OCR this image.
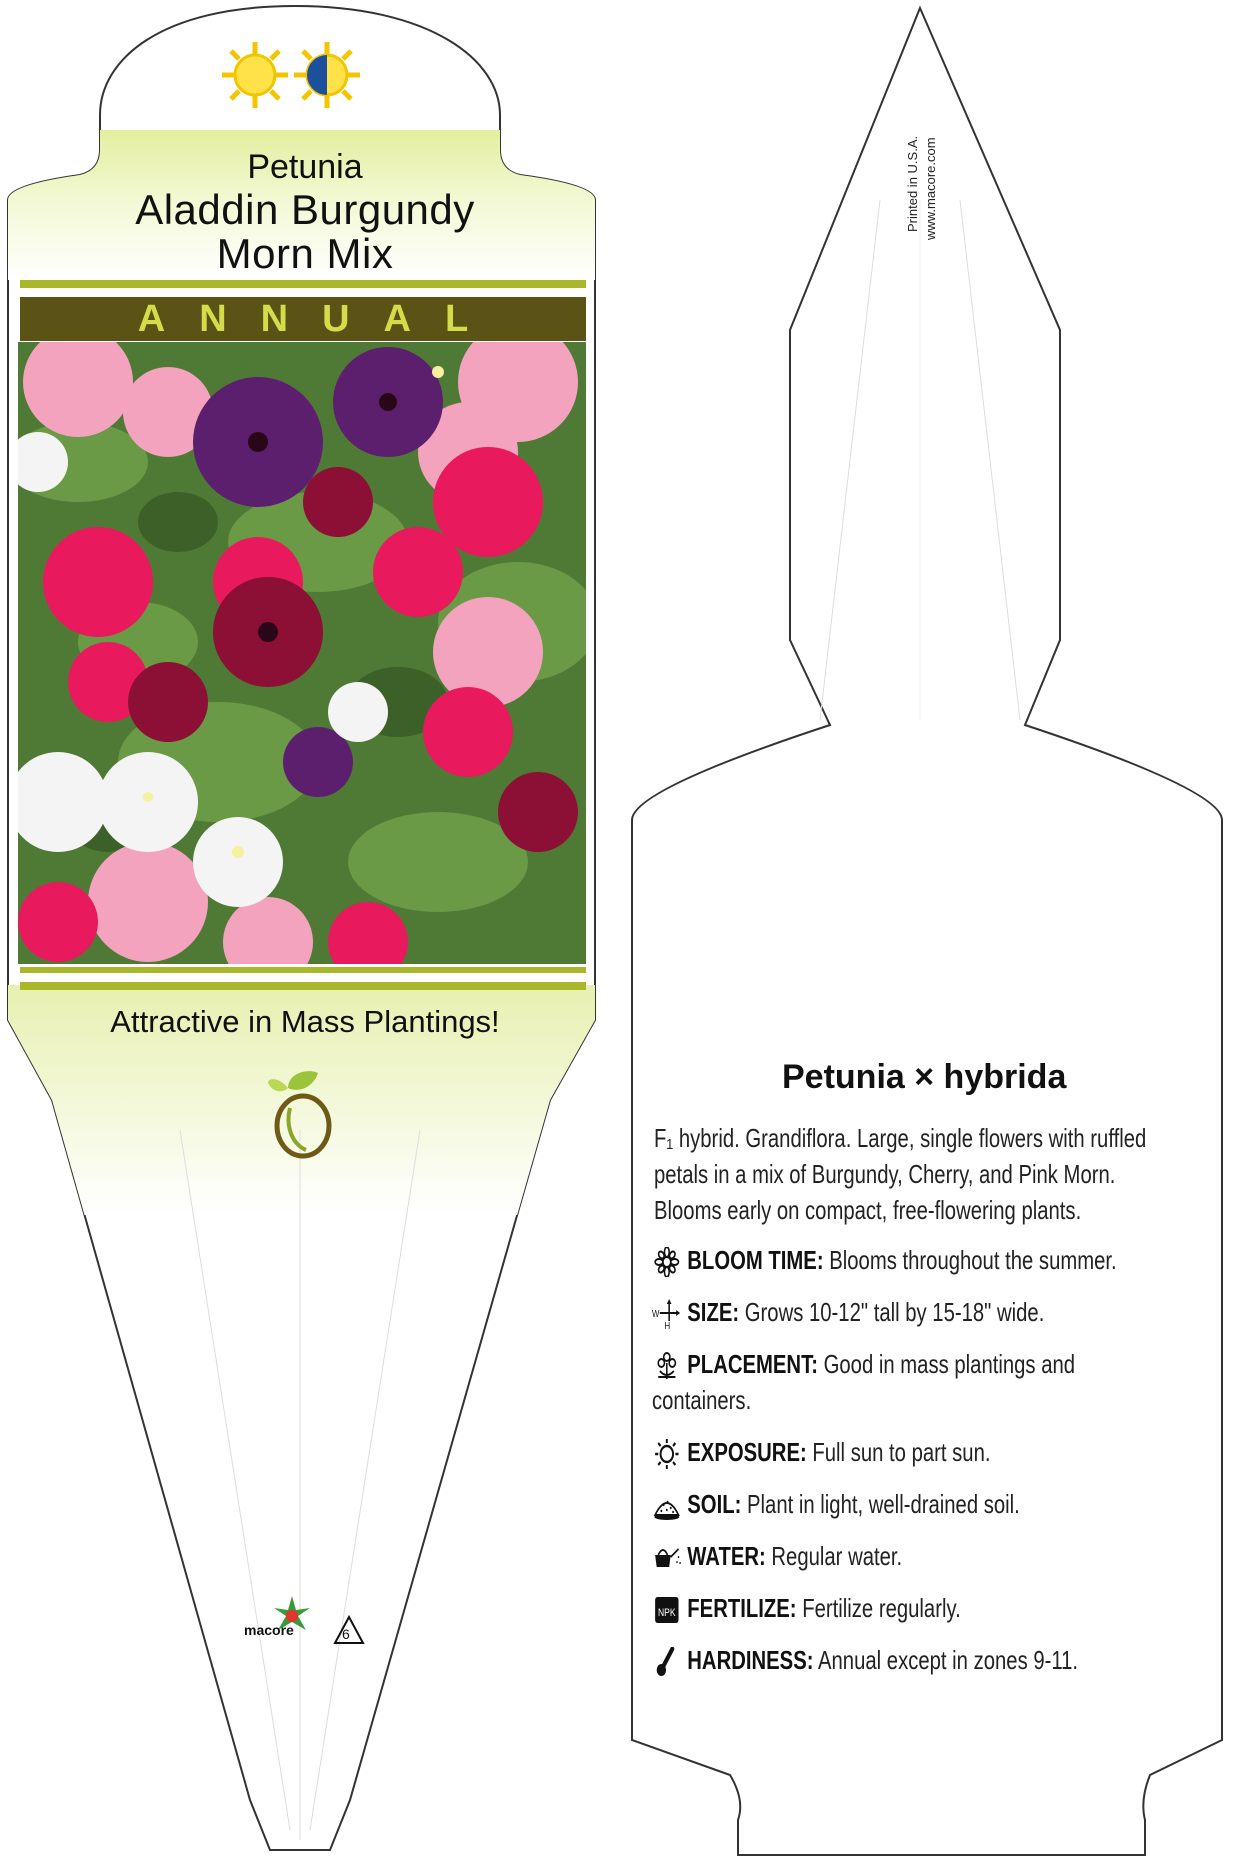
Petunia
Aladdin Burgundy
Morn Mix
ANNUAL
Attractive in Mass Plantings!
macore	6
Printed in U.S.A. www.macore.com
Petunia × hybrida
F₁ hybrid. Grandiflora. Large, single flowers with ruffled
petals in a mix of Burgundy, Cherry, and Pink Morn.
Blooms early on compact, free-flowering plants.
BLOOM TIME: Blooms throughout the summer.
W
H SIZE: Grows 10-12" tall by 15-18" wide.
PLACEMENT: Good in mass plantings and
containers.
EXPOSURE: Full sun to part sun.
SOIL: Plant in light, well-drained soil.
WATER: Regular water.
NPK FERTILIZE: Fertilize regularly.
HARDINESS: Annual except in zones 9-11.
